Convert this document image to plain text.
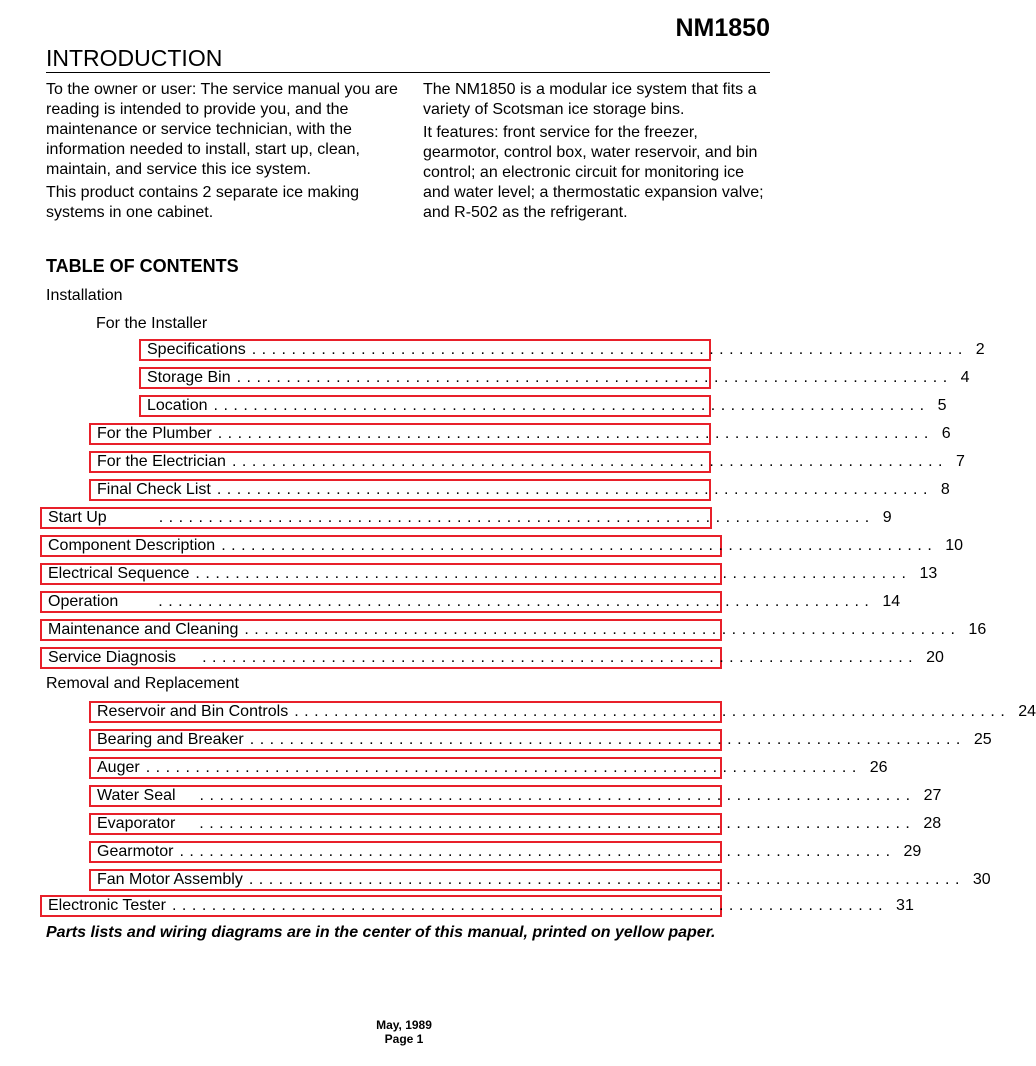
NM1850
INTRODUCTION

To the owner or user: The service manual you are reading is intended to provide you, and the maintenance or service technician, with the information needed to install, start up, clean, maintain, and service this ice system.

This product contains 2 separate ice making systems in one cabinet.

The NM1850 is a modular ice system that fits a variety of Scotsman ice storage bins.

It features: front service for the freezer, gearmotor, control box, water reservoir, and bin control; an electronic circuit for monitoring ice and water level; a thermostatic expansion valve; and R-502 as the refrigerant.

TABLE OF CONTENTS
Installation
For the Installer
Removal and Replacement
Specifications ........................................................................ 2
Storage Bin ........................................................................ 4
Location ........................................................................ 5
For the Plumber ........................................................................ 6
For the Electrician ........................................................................ 7
Final Check List ........................................................................ 8
Start Up	........................................................................ 9
Component Description ........................................................................ 10
Electrical Sequence ........................................................................ 13
Operation	........................................................................ 14
Maintenance and Cleaning ........................................................................ 16
Service Diagnosis	........................................................................ 20
Reservoir and Bin Controls ........................................................................ 24
Bearing and Breaker ........................................................................ 25
Auger ........................................................................ 26
Water Seal	........................................................................ 27
Evaporator	........................................................................ 28
Gearmotor ........................................................................ 29
Fan Motor Assembly ........................................................................ 30
Electronic Tester ........................................................................ 31
Parts lists and wiring diagrams are in the center of this manual, printed on yellow paper.
May, 1989
Page 1
